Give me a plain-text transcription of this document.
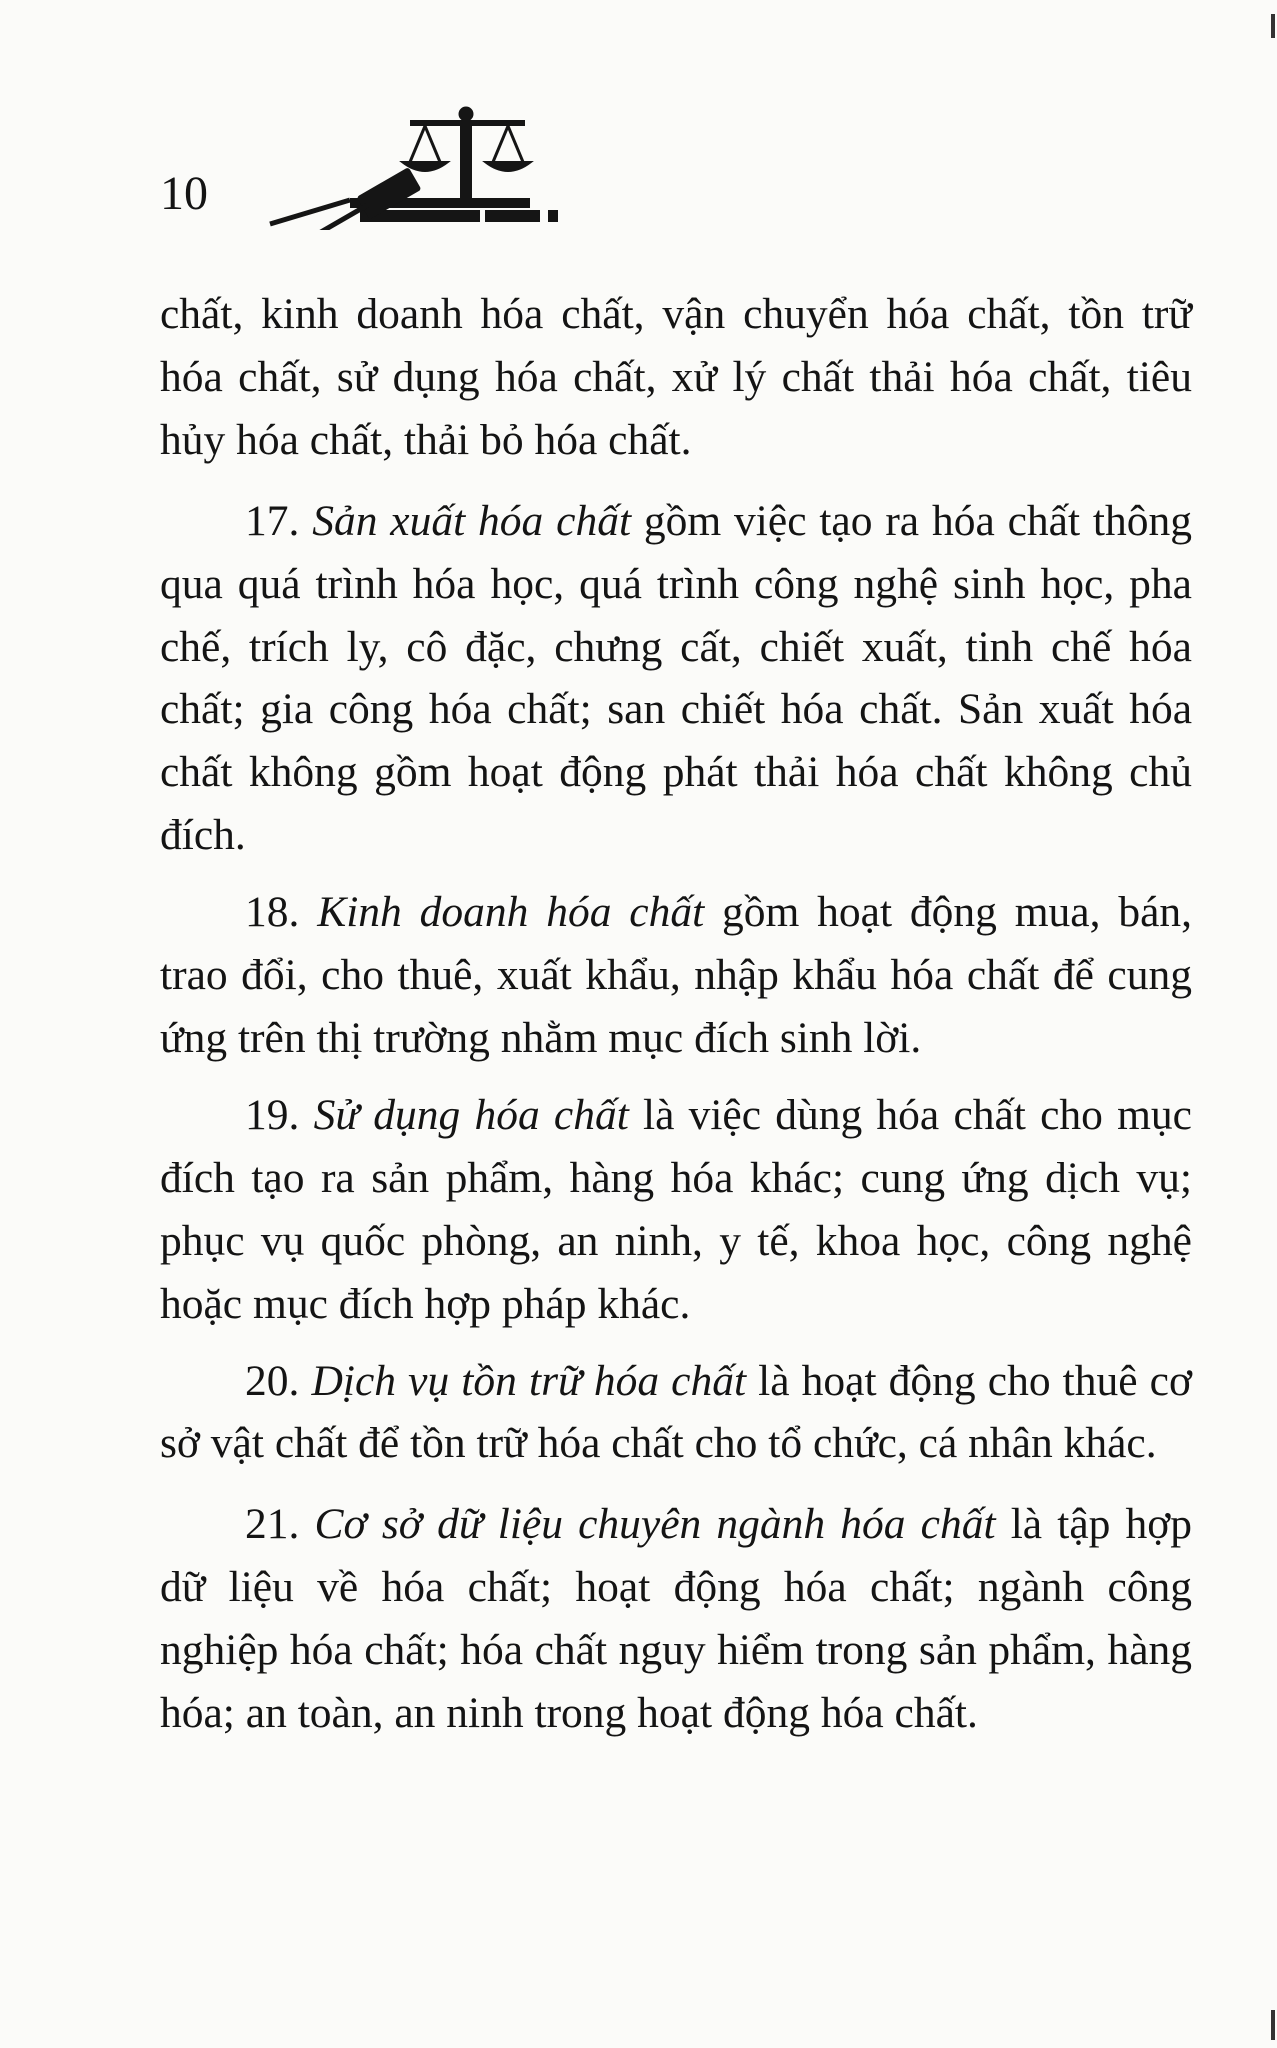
10

chất, kinh doanh hóa chất, vận chuyển hóa chất, tồn trữ hóa chất, sử dụng hóa chất, xử lý chất thải hóa chất, tiêu hủy hóa chất, thải bỏ hóa chất.

17. Sản xuất hóa chất gồm việc tạo ra hóa chất thông qua quá trình hóa học, quá trình công nghệ sinh học, pha chế, trích ly, cô đặc, chưng cất, chiết xuất, tinh chế hóa chất; gia công hóa chất; san chiết hóa chất. Sản xuất hóa chất không gồm hoạt động phát thải hóa chất không chủ đích.

18. Kinh doanh hóa chất gồm hoạt động mua, bán, trao đổi, cho thuê, xuất khẩu, nhập khẩu hóa chất để cung ứng trên thị trường nhằm mục đích sinh lời.

19. Sử dụng hóa chất là việc dùng hóa chất cho mục đích tạo ra sản phẩm, hàng hóa khác; cung ứng dịch vụ; phục vụ quốc phòng, an ninh, y tế, khoa học, công nghệ hoặc mục đích hợp pháp khác.

20. Dịch vụ tồn trữ hóa chất là hoạt động cho thuê cơ sở vật chất để tồn trữ hóa chất cho tổ chức, cá nhân khác.

21. Cơ sở dữ liệu chuyên ngành hóa chất là tập hợp dữ liệu về hóa chất; hoạt động hóa chất; ngành công nghiệp hóa chất; hóa chất nguy hiểm trong sản phẩm, hàng hóa; an toàn, an ninh trong hoạt động hóa chất.
